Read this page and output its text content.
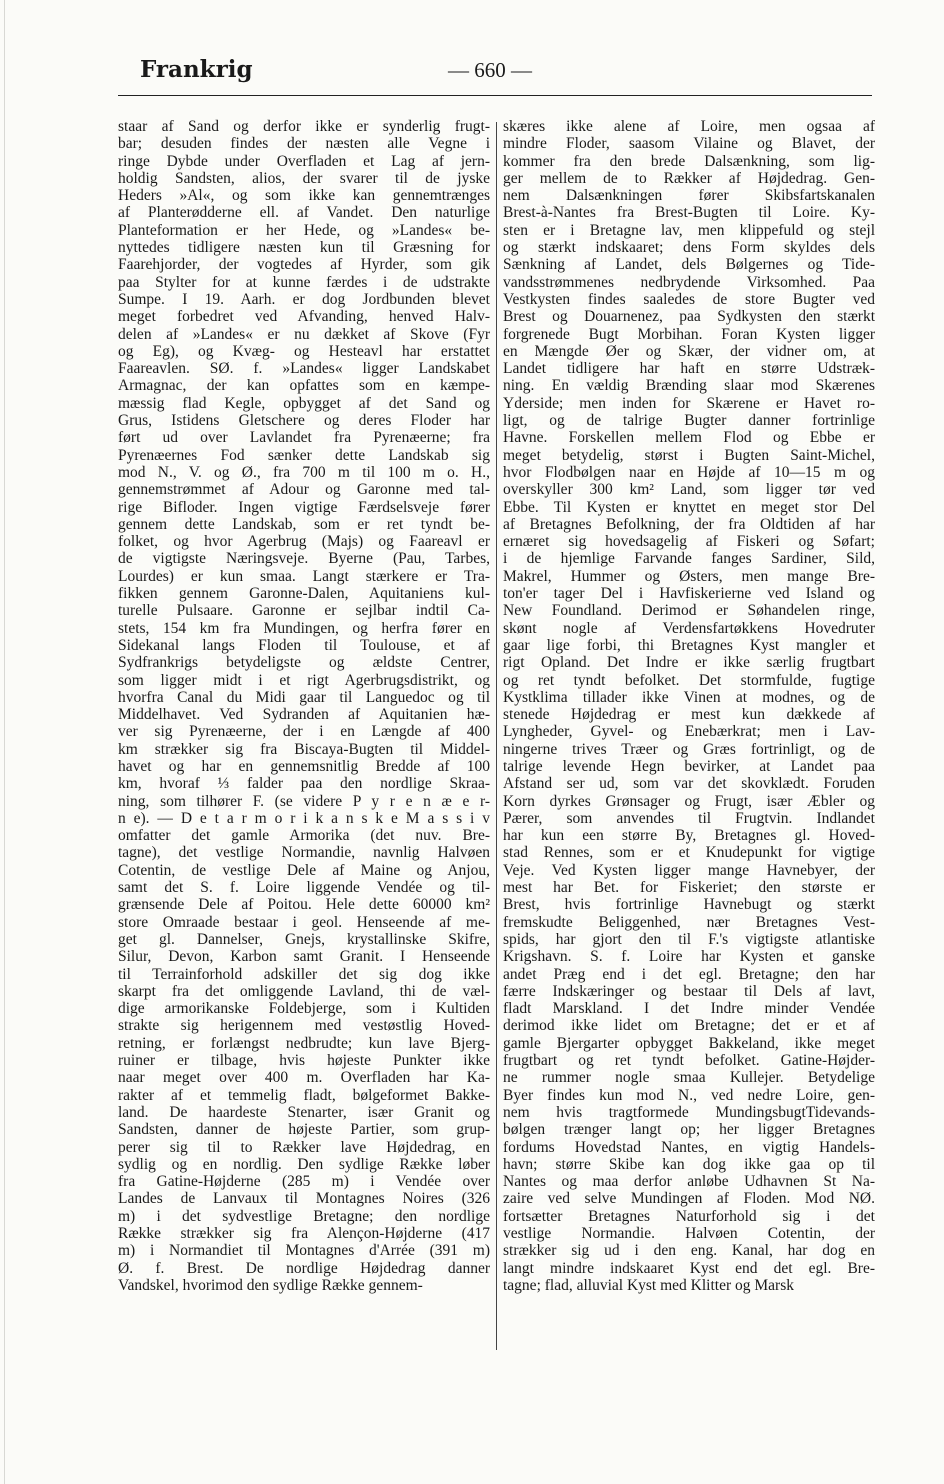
Frankrig	— 660 —
staar af Sand og derfor ikke er synderlig frugt-
bar; desuden findes der næsten alle Vegne i
ringe Dybde under Overfladen et Lag af jern-
holdig Sandsten, alios, der svarer til de jyske
Heders »Al«, og som ikke kan gennemtrænges
af Planterødderne ell. af Vandet. Den naturlige
Planteformation er her Hede, og »Landes« be-
nyttedes tidligere næsten kun til Græsning for
Faarehjorder, der vogtedes af Hyrder, som gik
paa Stylter for at kunne færdes i de udstrakte
Sumpe. I 19. Aarh. er dog Jordbunden blevet
meget forbedret ved Afvanding, henved Halv-
delen af »Landes« er nu dækket af Skove (Fyr
og Eg), og Kvæg- og Hesteavl har erstattet
Faareavlen. SØ. f. »Landes« ligger Landskabet
Armagnac, der kan opfattes som en kæmpe-
mæssig flad Kegle, opbygget af det Sand og
Grus, Istidens Gletschere og deres Floder har
ført ud over Lavlandet fra Pyrenæerne; fra
Pyrenæernes Fod sænker dette Landskab sig
mod N., V. og Ø., fra 700 m til 100 m o. H.,
gennemstrømmet af Adour og Garonne med tal-
rige Bifloder. Ingen vigtige Færdselsveje fører
gennem dette Landskab, som er ret tyndt be-
folket, og hvor Agerbrug (Majs) og Faareavl er
de vigtigste Næringsveje. Byerne (Pau, Tarbes,
Lourdes) er kun smaa. Langt stærkere er Tra-
fikken gennem Garonne-Dalen, Aquitaniens kul-
turelle Pulsaare. Garonne er sejlbar indtil Ca-
stets, 154 km fra Mundingen, og herfra fører en
Sidekanal langs Floden til Toulouse, et af
Sydfrankrigs betydeligste og ældste Centrer,
som ligger midt i et rigt Agerbrugsdistrikt, og
hvorfra Canal du Midi gaar til Languedoc og til
Middelhavet. Ved Sydranden af Aquitanien hæ-
ver sig Pyrenæerne, der i en Længde af 400
km strækker sig fra Biscaya-Bugten til Middel-
havet og har en gennemsnitlig Bredde af 100
km, hvoraf ⅓ falder paa den nordlige Skraa-
ning, som tilhører F. (se videre P y r e n æ e r-
n e). — D e t a r m o r i k a n s k e M a s s i v
omfatter det gamle Armorika (det nuv. Bre-
tagne), det vestlige Normandie, navnlig Halvøen
Cotentin, de vestlige Dele af Maine og Anjou,
samt det S. f. Loire liggende Vendée og til-
grænsende Dele af Poitou. Hele dette 60000 km²
store Omraade bestaar i geol. Henseende af me-
get gl. Dannelser, Gnejs, krystallinske Skifre,
Silur, Devon, Karbon samt Granit. I Henseende
til Terrainforhold adskiller det sig dog ikke
skarpt fra det omliggende Lavland, thi de væl-
dige armorikanske Foldebjerge, som i Kultiden
strakte sig herigennem med vestøstlig Hoved-
retning, er forlængst nedbrudte; kun lave Bjerg-
ruiner er tilbage, hvis højeste Punkter ikke
naar meget over 400 m. Overfladen har Ka-
rakter af et temmelig fladt, bølgeformet Bakke-
land. De haardeste Stenarter, især Granit og
Sandsten, danner de højeste Partier, som grup-
perer sig til to Rækker lave Højdedrag, en
sydlig og en nordlig. Den sydlige Række løber
fra Gatine-Højderne (285 m) i Vendée over
Landes de Lanvaux til Montagnes Noires (326
m) i det sydvestlige Bretagne; den nordlige
Række strækker sig fra Alençon-Højderne (417
m) i Normandiet til Montagnes d'Arrée (391 m)
Ø. f. Brest. De nordlige Højdedrag danner
Vandskel, hvorimod den sydlige Række gennem-
skæres ikke alene af Loire, men ogsaa af
mindre Floder, saasom Vilaine og Blavet, der
kommer fra den brede Dalsænkning, som lig-
ger mellem de to Rækker af Højdedrag. Gen-
nem Dalsænkningen fører Skibsfartskanalen
Brest-à-Nantes fra Brest-Bugten til Loire. Ky-
sten er i Bretagne lav, men klippefuld og stejl
og stærkt indskaaret; dens Form skyldes dels
Sænkning af Landet, dels Bølgernes og Tide-
vandsstrømmenes nedbrydende Virksomhed. Paa
Vestkysten findes saaledes de store Bugter ved
Brest og Douarnenez, paa Sydkysten den stærkt
forgrenede Bugt Morbihan. Foran Kysten ligger
en Mængde Øer og Skær, der vidner om, at
Landet tidligere har haft en større Udstræk-
ning. En vældig Brænding slaar mod Skærenes
Yderside; men inden for Skærene er Havet ro-
ligt, og de talrige Bugter danner fortrinlige
Havne. Forskellen mellem Flod og Ebbe er
meget betydelig, størst i Bugten Saint-Michel,
hvor Flodbølgen naar en Højde af 10—15 m og
overskyller 300 km² Land, som ligger tør ved
Ebbe. Til Kysten er knyttet en meget stor Del
af Bretagnes Befolkning, der fra Oldtiden af har
ernæret sig hovedsagelig af Fiskeri og Søfart;
i de hjemlige Farvande fanges Sardiner, Sild,
Makrel, Hummer og Østers, men mange Bre-
ton'er tager Del i Havfiskerierne ved Island og
New Foundland. Derimod er Søhandelen ringe,
skønt nogle af Verdensfartøkkens Hovedruter
gaar lige forbi, thi Bretagnes Kyst mangler et
rigt Opland. Det Indre er ikke særlig frugtbart
og ret tyndt befolket. Det stormfulde, fugtige
Kystklima tillader ikke Vinen at modnes, og de
stenede Højdedrag er mest kun dækkede af
Lyngheder, Gyvel- og Enebærkrat; men i Lav-
ningerne trives Træer og Græs fortrinligt, og de
talrige levende Hegn bevirker, at Landet paa
Afstand ser ud, som var det skovklædt. Foruden
Korn dyrkes Grønsager og Frugt, især Æbler og
Pærer, som anvendes til Frugtvin. Indlandet
har kun een større By, Bretagnes gl. Hoved-
stad Rennes, som er et Knudepunkt for vigtige
Veje. Ved Kysten ligger mange Havnebyer, der
mest har Bet. for Fiskeriet; den største er
Brest, hvis fortrinlige Havnebugt og stærkt
fremskudte Beliggenhed, nær Bretagnes Vest-
spids, har gjort den til F.'s vigtigste atlantiske
Krigshavn. S. f. Loire har Kysten et ganske
andet Præg end i det egl. Bretagne; den har
færre Indskæringer og bestaar til Dels af lavt,
fladt Marskland. I det Indre minder Vendée
derimod ikke lidet om Bretagne; det er et af
gamle Bjergarter opbygget Bakkeland, ikke meget
frugtbart og ret tyndt befolket. Gatine-Højder-
ne rummer nogle smaa Kullejer. Betydelige
Byer findes kun mod N., ved nedre Loire, gen-
nem hvis tragtformede MundingsbugtTidevands-
bølgen trænger langt op; her ligger Bretagnes
fordums Hovedstad Nantes, en vigtig Handels-
havn; større Skibe kan dog ikke gaa op til
Nantes og maa derfor anløbe Udhavnen St Na-
zaire ved selve Mundingen af Floden. Mod NØ.
fortsætter Bretagnes Naturforhold sig i det
vestlige Normandie. Halvøen Cotentin, der
strækker sig ud i den eng. Kanal, har dog en
langt mindre indskaaret Kyst end det egl. Bre-
tagne; flad, alluvial Kyst med Klitter og Marsk
